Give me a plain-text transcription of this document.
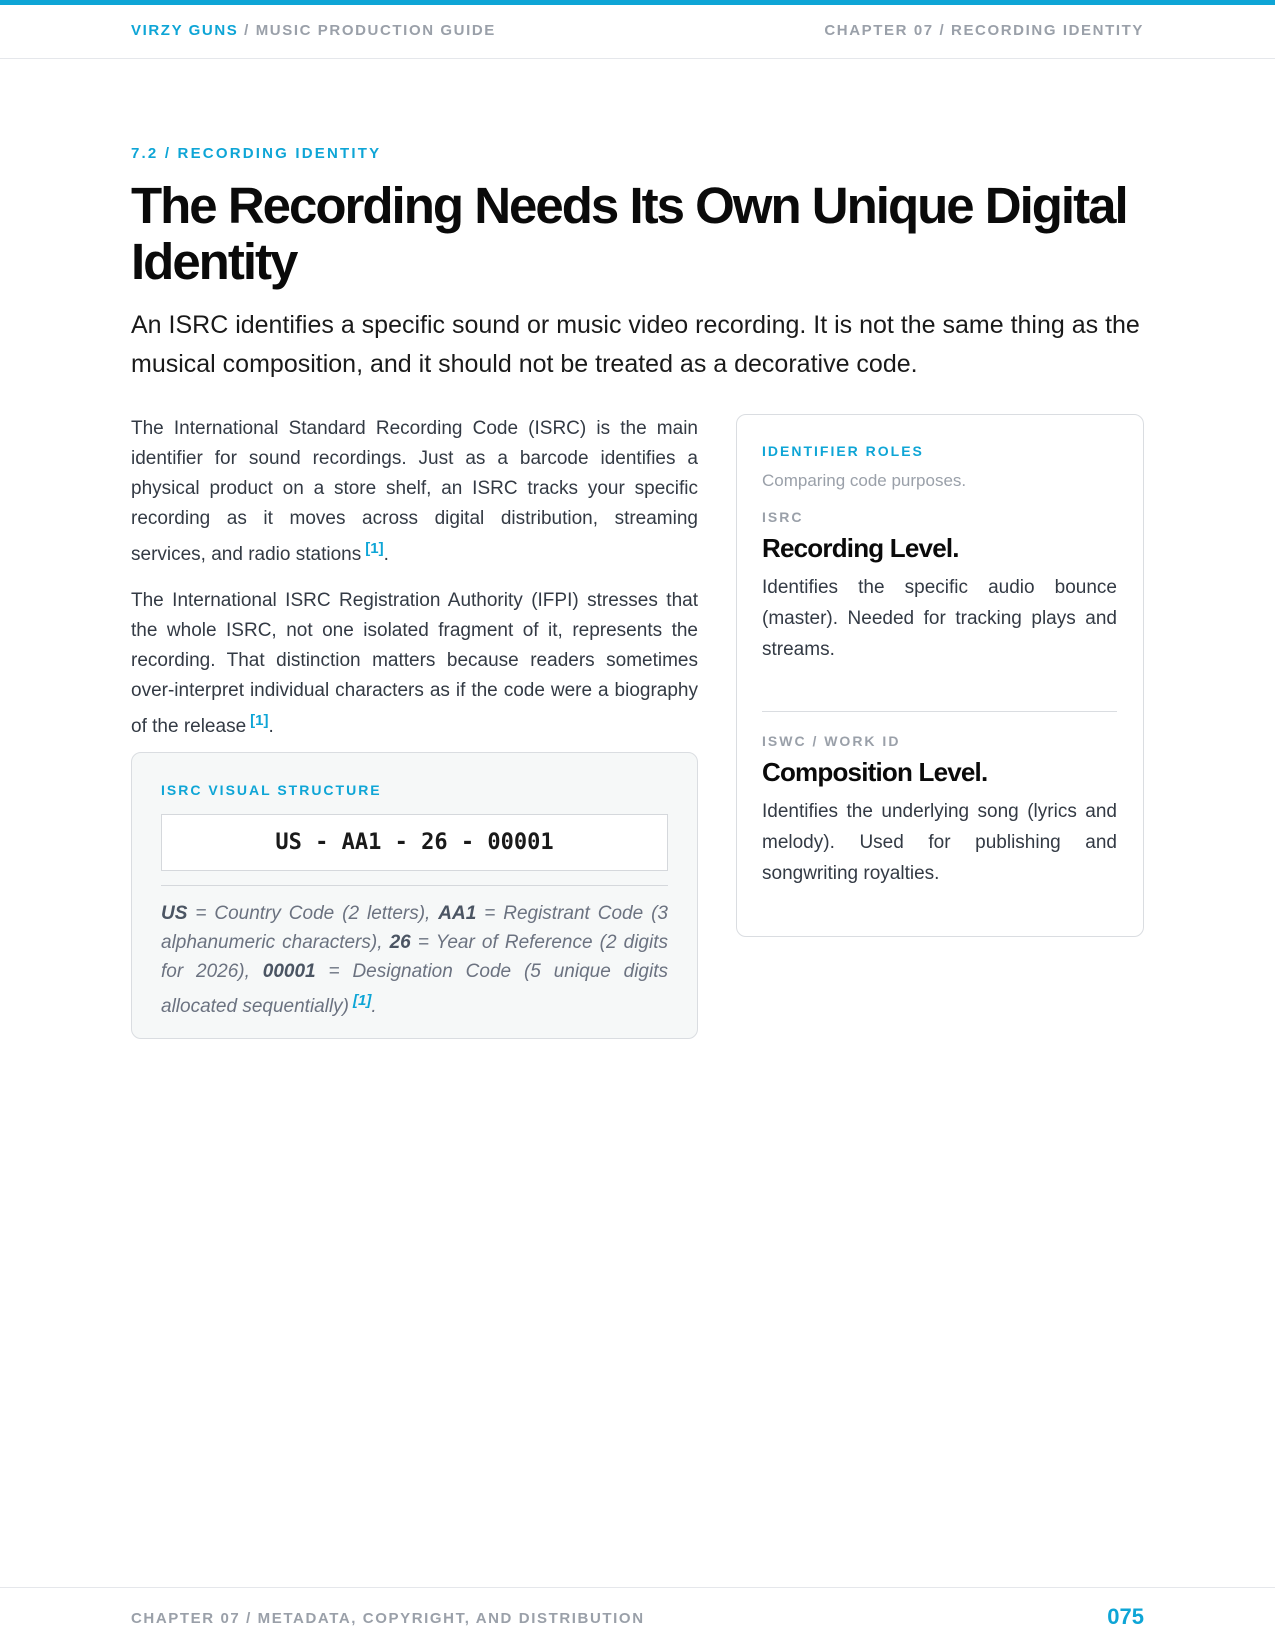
VIRZY GUNS / MUSIC PRODUCTION GUIDE	CHAPTER 07 / RECORDING IDENTITY
7.2 / RECORDING IDENTITY
The Recording Needs Its Own Unique Digital Identity

An ISRC identifies a specific sound or music video recording. It is not the same thing as the musical composition, and it should not be treated as a decorative code.

The International Standard Recording Code (ISRC) is the main identifier for sound recordings. Just as a barcode identifies a physical product on a store shelf, an ISRC tracks your specific recording as it moves across digital distribution, streaming services, and radio stations [1].

The International ISRC Registration Authority (IFPI) stresses that the whole ISRC, not one isolated fragment of it, represents the recording. That distinction matters because readers sometimes over-interpret individual characters as if the code were a biography of the release [1].

ISRC VISUAL STRUCTURE
US - AA1 - 26 - 00001

US = Country Code (2 letters), AA1 = Registrant Code (3 alphanumeric characters), 26 = Year of Reference (2 digits for 2026), 00001 = Designation Code (5 unique digits allocated sequentially) [1].

IDENTIFIER ROLES
Comparing code purposes.
ISRC
Recording Level.
Identifies the specific audio bounce (master). Needed for tracking plays and streams.
ISWC / WORK ID
Composition Level.
Identifies the underlying song (lyrics and melody). Used for publishing and songwriting royalties.
CHAPTER 07 / METADATA, COPYRIGHT, AND DISTRIBUTION	075
